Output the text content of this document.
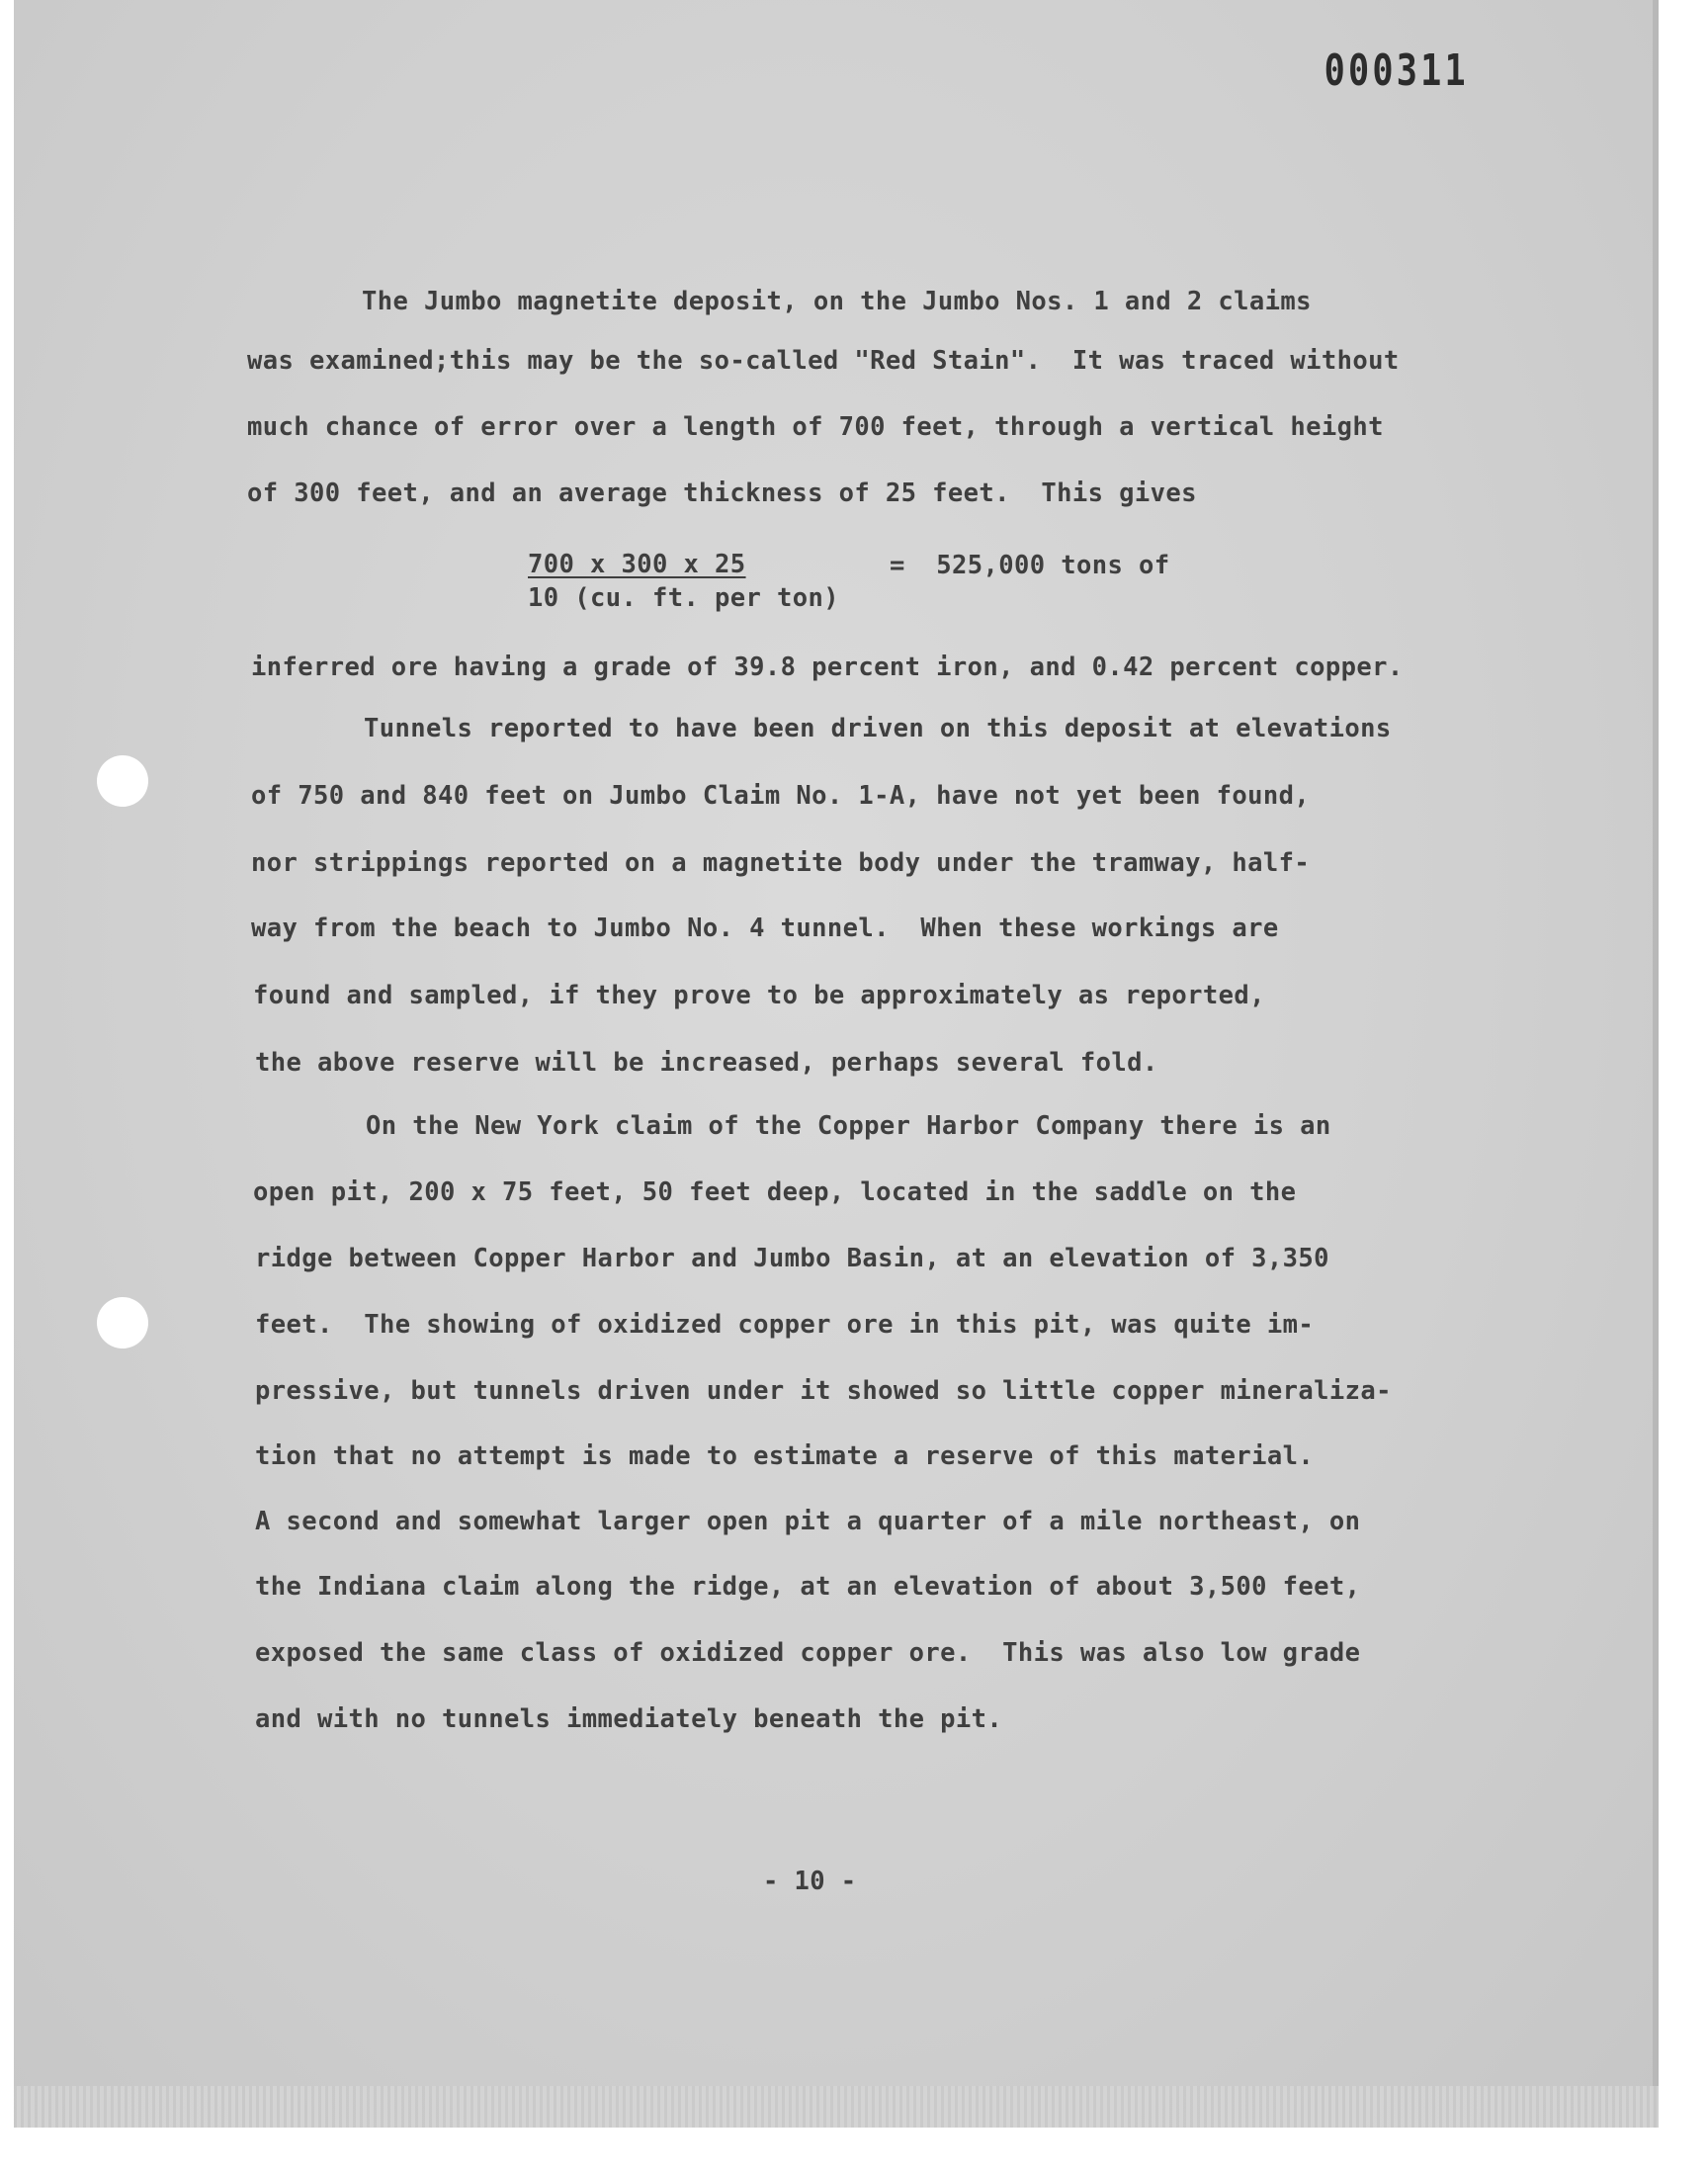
000311
The Jumbo magnetite deposit, on the Jumbo Nos. 1 and 2 claims
was examined;this may be the so-called "Red Stain".  It was traced without
much chance of error over a length of 700 feet, through a vertical height
of 300 feet, and an average thickness of 25 feet.  This gives
700 x 300 x 25
10 (cu. ft. per ton)
=  525,000 tons of
inferred ore having a grade of 39.8 percent iron, and 0.42 percent copper.
Tunnels reported to have been driven on this deposit at elevations
of 750 and 840 feet on Jumbo Claim No. 1-A, have not yet been found,
nor strippings reported on a magnetite body under the tramway, half-
way from the beach to Jumbo No. 4 tunnel.  When these workings are
found and sampled, if they prove to be approximately as reported,
the above reserve will be increased, perhaps several fold.
On the New York claim of the Copper Harbor Company there is an
open pit, 200 x 75 feet, 50 feet deep, located in the saddle on the
ridge between Copper Harbor and Jumbo Basin, at an elevation of 3,350
feet.  The showing of oxidized copper ore in this pit, was quite im-
pressive, but tunnels driven under it showed so little copper mineraliza-
tion that no attempt is made to estimate a reserve of this material.
A second and somewhat larger open pit a quarter of a mile northeast, on
the Indiana claim along the ridge, at an elevation of about 3,500 feet,
exposed the same class of oxidized copper ore.  This was also low grade
and with no tunnels immediately beneath the pit.
- 10 -
